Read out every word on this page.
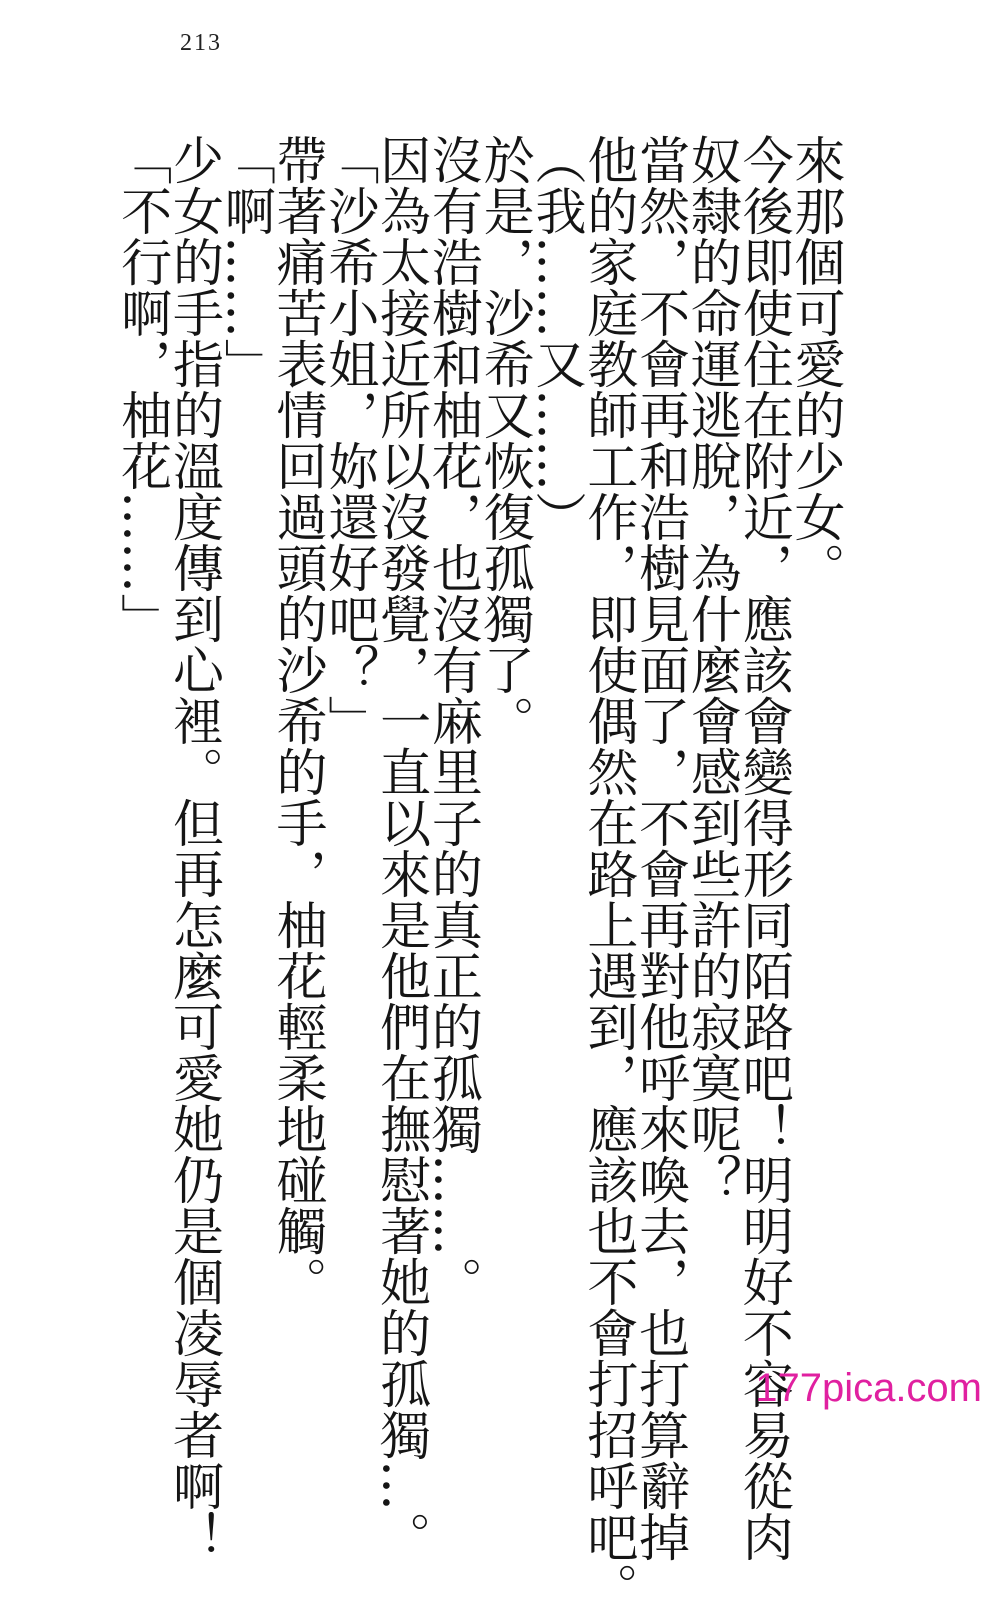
213
來那個可愛的少女。
今後即使住在附近，應該會變得形同陌路吧！明明好不容易從肉
奴隸的命運逃脫，為什麼會感到些許的寂寞呢？
當然，不會再和浩樹見面了，不會再對他呼來喚去，也打算辭掉
他的家庭教師工作，即使偶然在路上遇到，應該也不會打招呼吧。
（我……又……）
於是，沙希又恢復孤獨了。
沒有浩樹和柚花，也沒有麻里子的真正的孤獨……。
因為太接近所以沒發覺，一直以來是他們在撫慰著她的孤獨…。
「沙希小姐，妳還好吧？」
帶著痛苦表情回過頭的沙希的手，柚花輕柔地碰觸。
「啊……」
少女的手指的溫度傳到心裡。但再怎麼可愛她仍是個凌辱者啊！
「不行啊，柚花……」
177pica.com
